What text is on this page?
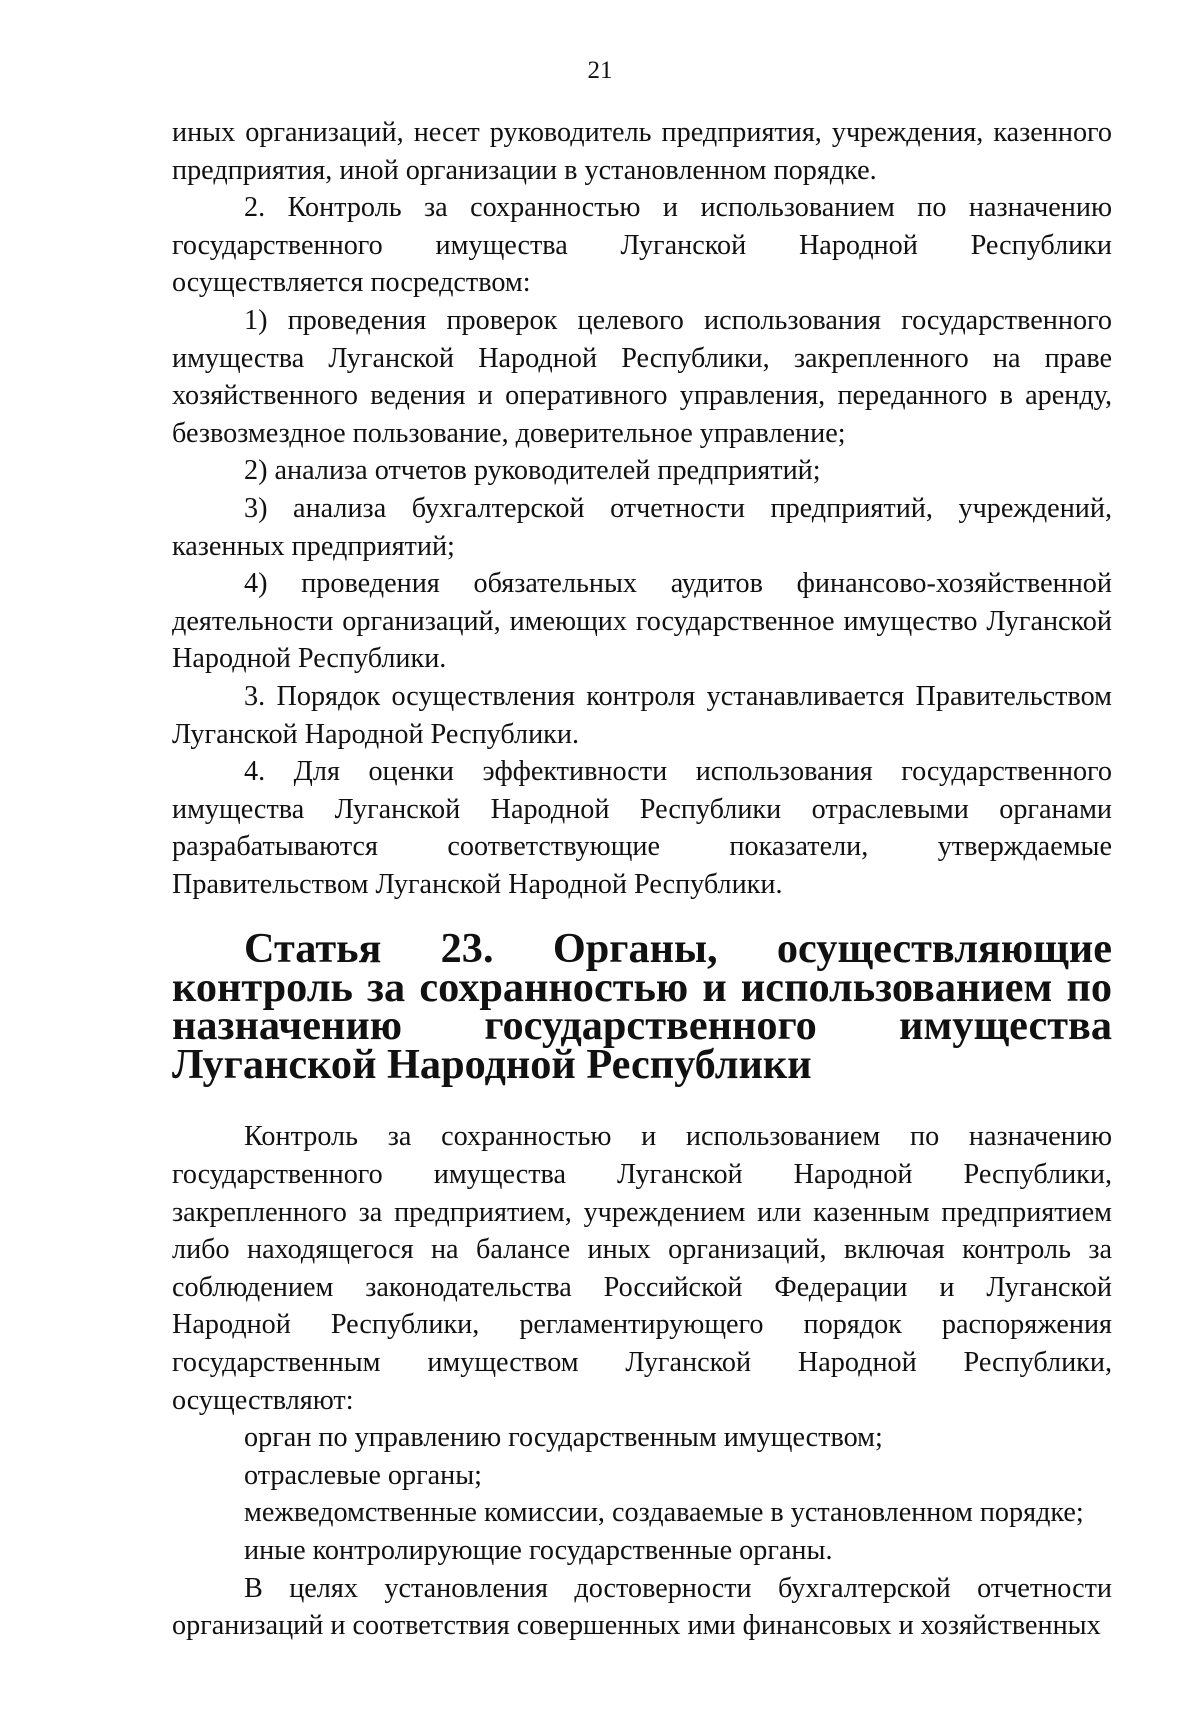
21

иных организаций, несет руководитель предприятия, учреждения, казенного предприятия, иной организации в установленном порядке.

2. Контроль за сохранностью и использованием по назначению государственного имущества Луганской Народной Республики осуществляется посредством:

1) проведения проверок целевого использования государственного имущества Луганской Народной Республики, закрепленного на праве хозяйственного ведения и оперативного управления, переданного в аренду, безвозмездное пользование, доверительное управление;

2) анализа отчетов руководителей предприятий;

3) анализа бухгалтерской отчетности предприятий, учреждений, казенных предприятий;

4) проведения обязательных аудитов финансово-хозяйственной деятельности организаций, имеющих государственное имущество Луганской Народной Республики.

3. Порядок осуществления контроля устанавливается Правительством Луганской Народной Республики.

4. Для оценки эффективности использования государственного имущества Луганской Народной Республики отраслевыми органами разрабатываются соответствующие показатели, утверждаемые Правительством Луганской Народной Республики.

Статья 23. Органы, осуществляющие контроль за сохранностью и использованием по назначению государственного имущества Луганской Народной Республики

Контроль за сохранностью и использованием по назначению государственного имущества Луганской Народной Республики, закрепленного за предприятием, учреждением или казенным предприятием либо находящегося на балансе иных организаций, включая контроль за соблюдением законодательства Российской Федерации и Луганской Народной Республики, регламентирующего порядок распоряжения государственным имуществом Луганской Народной Республики, осуществляют:

орган по управлению государственным имуществом;

отраслевые органы;

межведомственные комиссии, создаваемые в установленном порядке;

иные контролирующие государственные органы.

В целях установления достоверности бухгалтерской отчетности организаций и соответствия совершенных ими финансовых и хозяйственных
